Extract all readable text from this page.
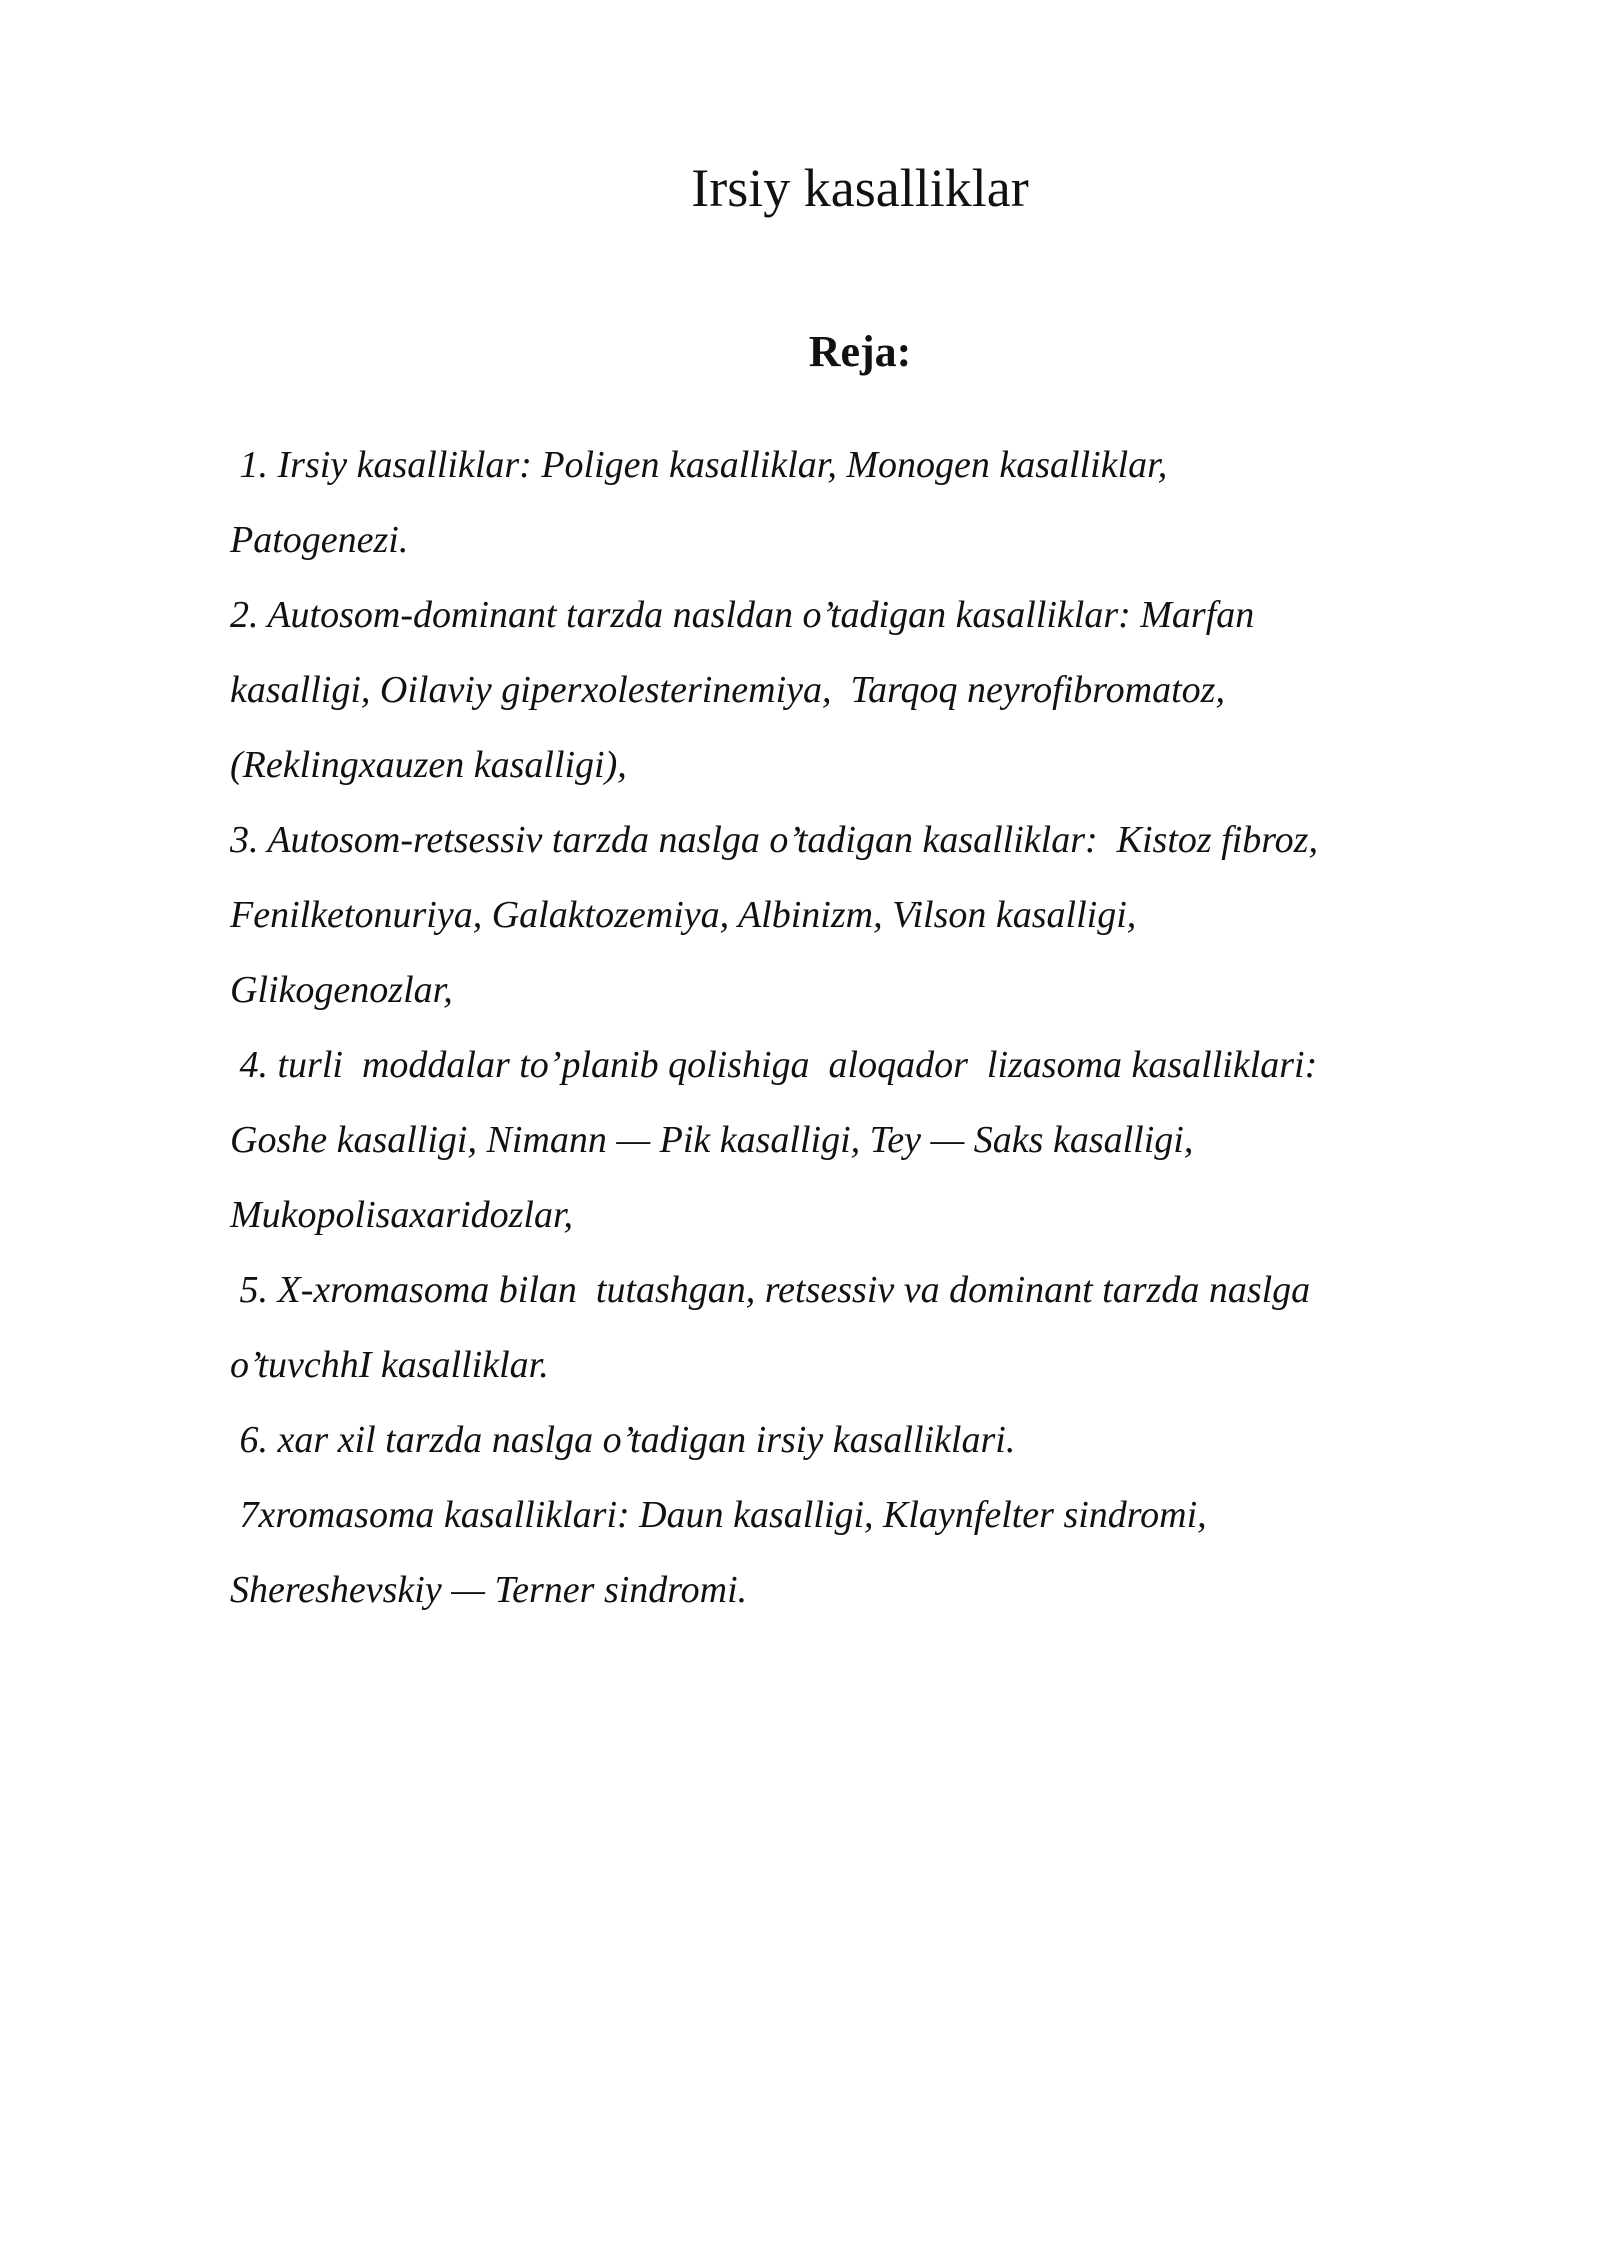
Irsiy kasalliklar
Reja:
1. Irsiy kasalliklar: Poligen kasalliklar, Monogen kasalliklar,
Patogenezi.
2. Autosom-dominant tarzda nasldan o’tadigan kasalliklar: Marfan
kasalligi, Oilaviy giperxolesterinemiya,  Tarqoq neyrofibromatoz,
(Reklingxauzen kasalligi),
3. Autosom-retsessiv tarzda naslga o’tadigan kasalliklar:  Kistoz fibroz,
Fenilketonuriya, Galaktozemiya, Albinizm, Vilson kasalligi,
Glikogenozlar,
4. turli  moddalar to’planib qolishiga  aloqador  lizasoma kasalliklari:
Goshe kasalligi, Nimann — Pik kasalligi, Tey — Saks kasalligi,
Mukopolisaxaridozlar,
5. X-xromasoma bilan  tutashgan, retsessiv va dominant tarzda naslga
o’tuvchhI kasalliklar.
6. xar xil tarzda naslga o’tadigan irsiy kasalliklari.
7xromasoma kasalliklari: Daun kasalligi, Klaynfelter sindromi,
Shereshevskiy — Terner sindromi.
